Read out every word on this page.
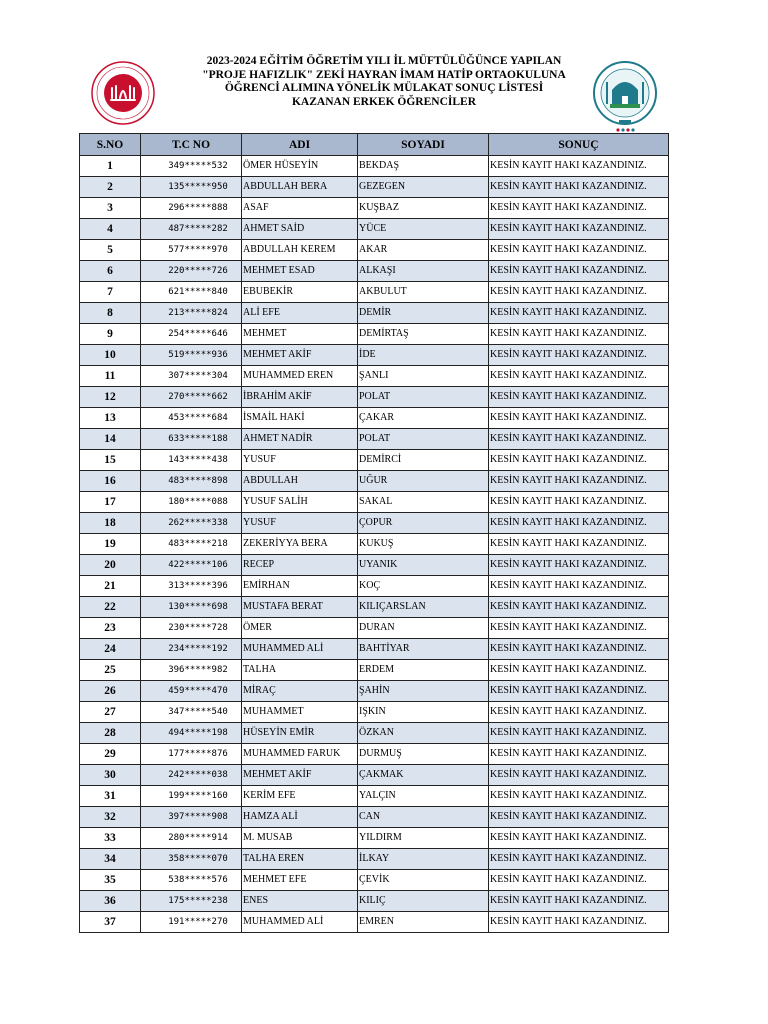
2023-2024 EĞİTİM ÖĞRETİM YILI İL MÜFTÜLÜĞÜNCE YAPILAN
"PROJE HAFIZLIK" ZEKİ HAYRAN İMAM HATİP ORTAOKULUNA
ÖĞRENCİ ALIMINA YÖNELİK MÜLAKAT SONUÇ LİSTESİ
KAZANAN ERKEK ÖĞRENCİLER
S.NO	T.C NO	ADI	SOYADI	SONUÇ
1	349*****532	ÖMER HÜSEYİN	BEKDAŞ	KESİN KAYIT HAKI KAZANDINIZ.
2	135*****950	ABDULLAH BERA	GEZEGEN	KESİN KAYIT HAKI KAZANDINIZ.
3	296*****888	ASAF	KUŞBAZ	KESİN KAYIT HAKI KAZANDINIZ.
4	487*****282	AHMET SAİD	YÜCE	KESİN KAYIT HAKI KAZANDINIZ.
5	577*****970	ABDULLAH KEREM	AKAR	KESİN KAYIT HAKI KAZANDINIZ.
6	220*****726	MEHMET ESAD	ALKAŞI	KESİN KAYIT HAKI KAZANDINIZ.
7	621*****840	EBUBEKİR	AKBULUT	KESİN KAYIT HAKI KAZANDINIZ.
8	213*****824	ALİ EFE	DEMİR	KESİN KAYIT HAKI KAZANDINIZ.
9	254*****646	MEHMET	DEMİRTAŞ	KESİN KAYIT HAKI KAZANDINIZ.
10	519*****936	MEHMET AKİF	İDE	KESİN KAYIT HAKI KAZANDINIZ.
11	307*****304	MUHAMMED EREN	ŞANLI	KESİN KAYIT HAKI KAZANDINIZ.
12	270*****662	İBRAHİM AKİF	POLAT	KESİN KAYIT HAKI KAZANDINIZ.
13	453*****684	İSMAİL HAKİ	ÇAKAR	KESİN KAYIT HAKI KAZANDINIZ.
14	633*****188	AHMET NADİR	POLAT	KESİN KAYIT HAKI KAZANDINIZ.
15	143*****438	YUSUF	DEMİRCİ	KESİN KAYIT HAKI KAZANDINIZ.
16	483*****898	ABDULLAH	UĞUR	KESİN KAYIT HAKI KAZANDINIZ.
17	180*****088	YUSUF SALİH	SAKAL	KESİN KAYIT HAKI KAZANDINIZ.
18	262*****338	YUSUF	ÇOPUR	KESİN KAYIT HAKI KAZANDINIZ.
19	483*****218	ZEKERİYYA BERA	KUKUŞ	KESİN KAYIT HAKI KAZANDINIZ.
20	422*****106	RECEP	UYANIK	KESİN KAYIT HAKI KAZANDINIZ.
21	313*****396	EMİRHAN	KOÇ	KESİN KAYIT HAKI KAZANDINIZ.
22	130*****698	MUSTAFA BERAT	KILIÇARSLAN	KESİN KAYIT HAKI KAZANDINIZ.
23	230*****728	ÖMER	DURAN	KESİN KAYIT HAKI KAZANDINIZ.
24	234*****192	MUHAMMED ALİ	BAHTİYAR	KESİN KAYIT HAKI KAZANDINIZ.
25	396*****982	TALHA	ERDEM	KESİN KAYIT HAKI KAZANDINIZ.
26	459*****470	MİRAÇ	ŞAHİN	KESİN KAYIT HAKI KAZANDINIZ.
27	347*****540	MUHAMMET	IŞKIN	KESİN KAYIT HAKI KAZANDINIZ.
28	494*****198	HÜSEYİN EMİR	ÖZKAN	KESİN KAYIT HAKI KAZANDINIZ.
29	177*****876	MUHAMMED FARUK	DURMUŞ	KESİN KAYIT HAKI KAZANDINIZ.
30	242*****038	MEHMET AKİF	ÇAKMAK	KESİN KAYIT HAKI KAZANDINIZ.
31	199*****160	KERİM EFE	YALÇIN	KESİN KAYIT HAKI KAZANDINIZ.
32	397*****908	HAMZA ALİ	CAN	KESİN KAYIT HAKI KAZANDINIZ.
33	280*****914	M. MUSAB	YILDIRM	KESİN KAYIT HAKI KAZANDINIZ.
34	358*****070	TALHA EREN	İLKAY	KESİN KAYIT HAKI KAZANDINIZ.
35	538*****576	MEHMET EFE	ÇEVİK	KESİN KAYIT HAKI KAZANDINIZ.
36	175*****238	ENES	KILIÇ	KESİN KAYIT HAKI KAZANDINIZ.
37	191*****270	MUHAMMED ALİ	EMREN	KESİN KAYIT HAKI KAZANDINIZ.
